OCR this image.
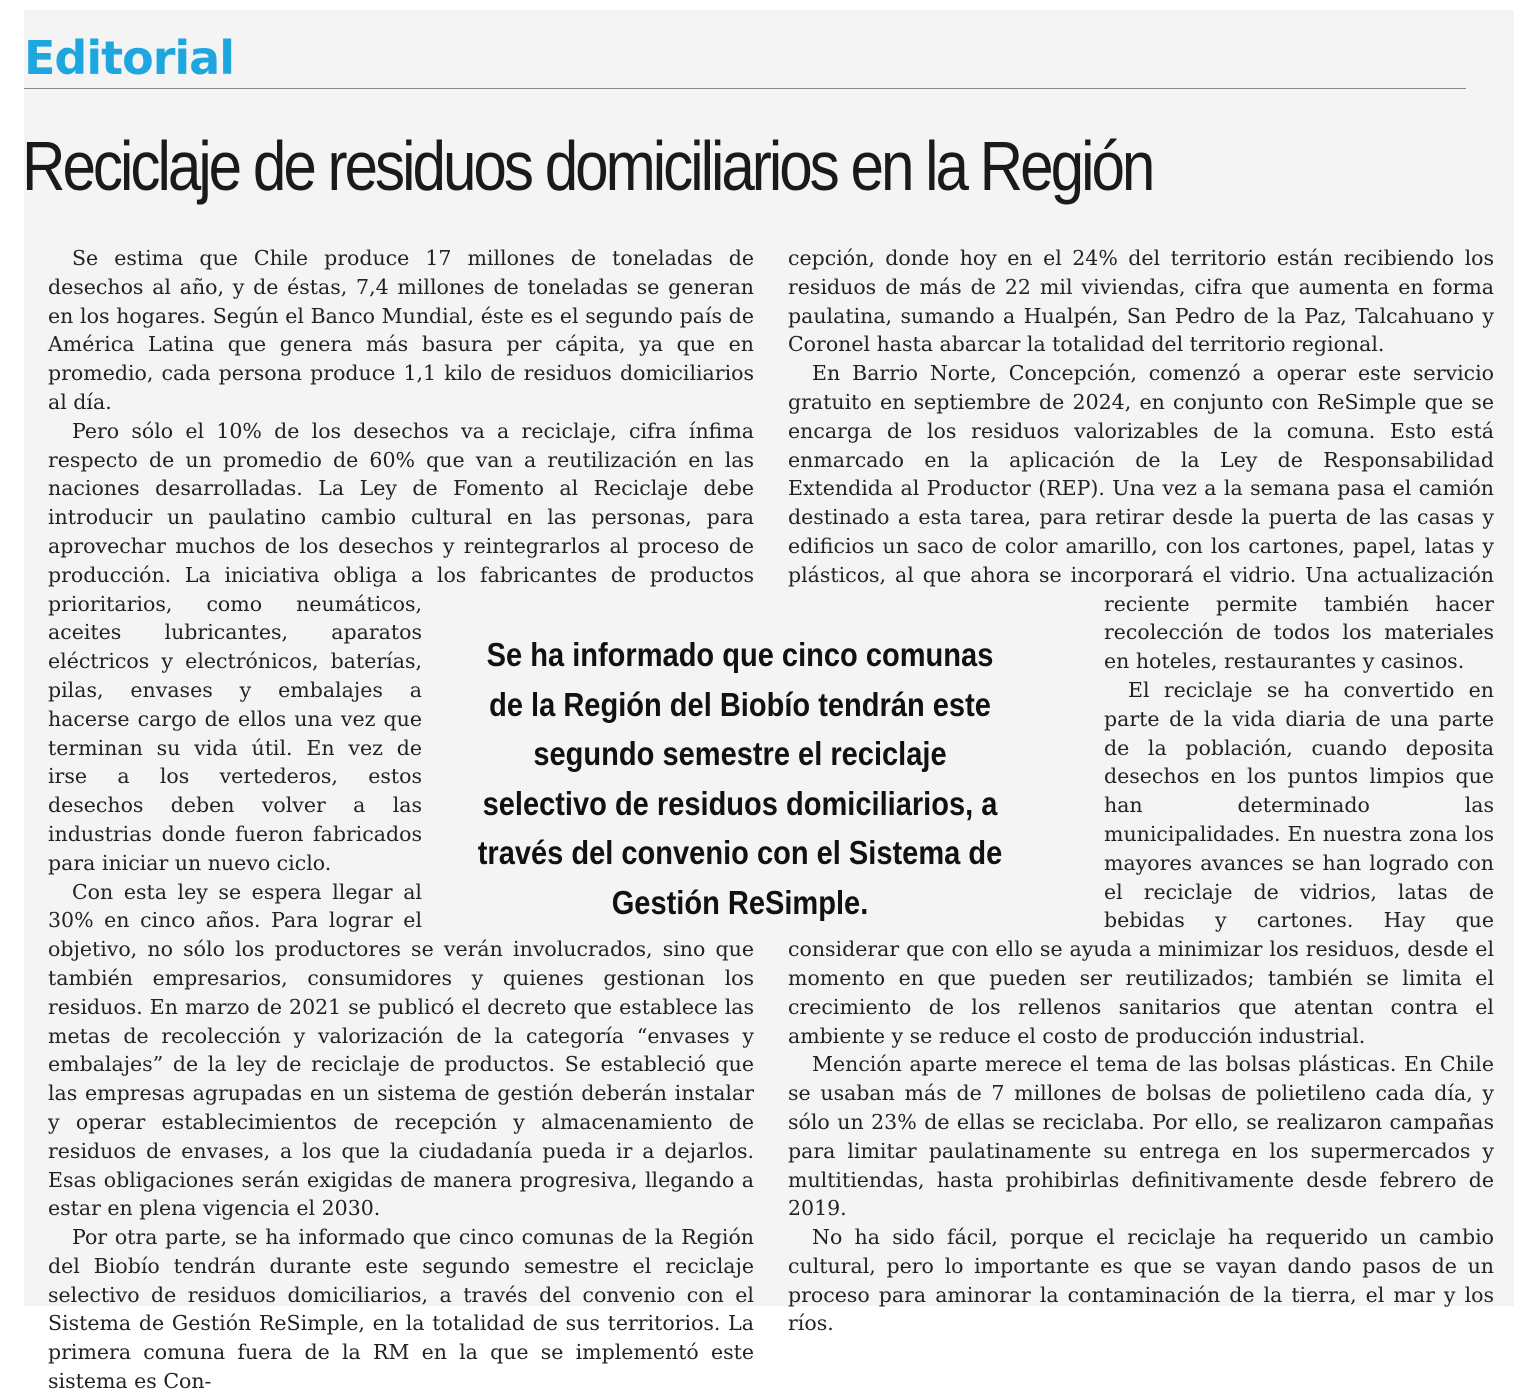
Editorial
Reciclaje de residuos domiciliarios en la Región

Se estima que Chile produce 17 millones de toneladas de desechos al año, y de éstas, 7,4 millones de toneladas se generan en los hogares. Según el Banco Mundial, éste es el segundo país de América Latina que genera más basura per cápita, ya que en promedio, cada persona produce 1,1 kilo de residuos domiciliarios al día.

Pero sólo el 10% de los desechos va a reciclaje, cifra ínfima respecto de un promedio de 60% que van a reutilización en las naciones desarrolladas. La Ley de Fomento al Reciclaje debe introducir un paulatino cambio cultural en las personas, para aprovechar muchos de los desechos y reintegrarlos al proceso de producción. La iniciativa obliga a los fabricantes de productos prioritarios, como neumáticos, aceites lubricantes, aparatos eléctricos y electrónicos, baterías, pilas, envases y embalajes a hacerse cargo de ellos una vez que terminan su vida útil. En vez de irse a los vertederos, estos desechos deben volver a las industrias donde fueron fabricados para iniciar un nuevo ciclo.

Con esta ley se espera llegar al 30% en cinco años. Para lograr el objetivo, no sólo los productores se verán involucrados, sino que también empresarios, consumidores y quienes gestionan los residuos. En marzo de 2021 se publicó el decreto que establece las metas de recolección y valorización de la categoría “envases y embalajes” de la ley de reciclaje de productos. Se estableció que las empresas agrupadas en un sistema de gestión deberán instalar y operar establecimientos de recepción y almacenamiento de residuos de envases, a los que la ciudadanía pueda ir a dejarlos. Esas obligaciones serán exigidas de manera progresiva, llegando a estar en plena vigencia el 2030.

Por otra parte, se ha informado que cinco comunas de la Región del Biobío tendrán durante este segundo semestre el reciclaje selectivo de residuos domiciliarios, a través del convenio con el Sistema de Gestión ReSimple, en la totalidad de sus territorios. La primera comuna fuera de la RM en la que se implementó este sistema es Con-

cepción, donde hoy en el 24% del territorio están recibiendo los residuos de más de 22 mil viviendas, cifra que aumenta en forma paulatina, sumando a Hualpén, San Pedro de la Paz, Talcahuano y Coronel hasta abarcar la totalidad del territorio regional.

En Barrio Norte, Concepción, comenzó a operar este servicio gratuito en septiembre de 2024, en conjunto con ReSimple que se encarga de los residuos valorizables de la comuna. Esto está enmarcado en la aplicación de la Ley de Responsabilidad Extendida al Productor (REP). Una vez a la semana pasa el camión destinado a esta tarea, para retirar desde la puerta de las casas y edificios un saco de color amarillo, con los cartones, papel, latas y plásticos, al que ahora se incorporará el vidrio. Una actualización reciente permite también hacer recolección de todos los materiales en hoteles, restaurantes y casinos.

El reciclaje se ha convertido en parte de la vida diaria de una parte de la población, cuando deposita desechos en los puntos limpios que han determinado las municipalidades. En nuestra zona los mayores avances se han logrado con el reciclaje de vidrios, latas de bebidas y cartones. Hay que considerar que con ello se ayuda a minimizar los residuos, desde el momento en que pueden ser reutilizados; también se limita el crecimiento de los rellenos sanitarios que atentan contra el ambiente y se reduce el costo de producción industrial.

Mención aparte merece el tema de las bolsas plásticas. En Chile se usaban más de 7 millones de bolsas de polietileno cada día, y sólo un 23% de ellas se reciclaba. Por ello, se realizaron campañas para limitar paulatinamente su entrega en los supermercados y multitiendas, hasta prohibirlas definitivamente desde febrero de 2019.

No ha sido fácil, porque el reciclaje ha requerido un cambio cultural, pero lo importante es que se vayan dando pasos de un proceso para aminorar la contaminación de la tierra, el mar y los ríos.

Se ha informado que cinco comunas de la Región del Biobío tendrán este segundo semestre el reciclaje selectivo de residuos domiciliarios, a través del convenio con el Sistema de Gestión ReSimple.
